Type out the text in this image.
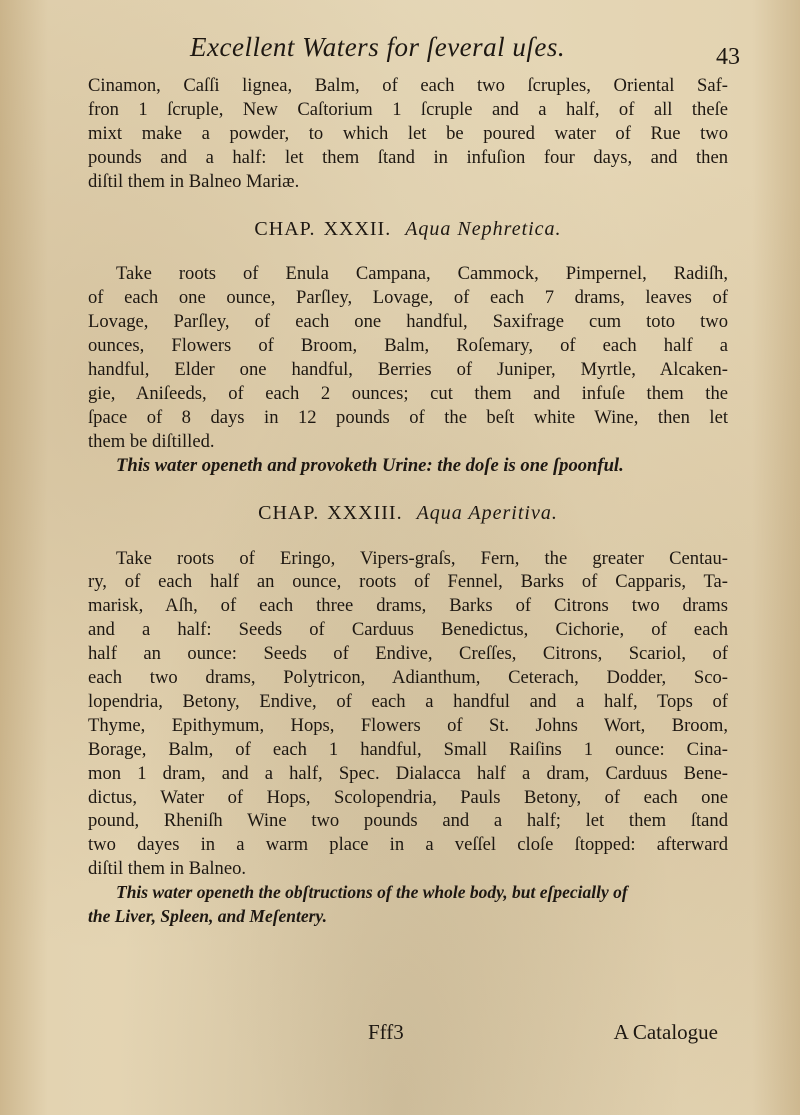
Excellent Waters for ſeveral uſes.	43
Cinamon, Caſſi lignea, Balm, of each two ſcruples, Oriental Saf-
fron 1 ſcruple, New Caſtorium 1 ſcruple and a half, of all theſe
mixt make a powder, to which let be poured water of Rue two
pounds and a half: let them ſtand in infuſion four days, and then
diſtil them in Balneo Mariæ.
CHAP. XXXII. Aqua Nephretica.
Take roots of Enula Campana, Cammock, Pimpernel, Radiſh,
of each one ounce, Parſley, Lovage, of each 7 drams, leaves of
Lovage, Parſley, of each one handful, Saxifrage cum toto two
ounces, Flowers of Broom, Balm, Roſemary, of each half a
handful, Elder one handful, Berries of Juniper, Myrtle, Alcaken-
gie, Aniſeeds, of each 2 ounces; cut them and infuſe them the
ſpace of 8 days in 12 pounds of the beſt white Wine, then let
them be diſtilled.
This water openeth and provoketh Urine: the doſe is one ſpoonful.
CHAP. XXXIII. Aqua Aperitiva.
Take roots of Eringo, Vipers-graſs, Fern, the greater Centau-
ry, of each half an ounce, roots of Fennel, Barks of Capparis, Ta-
marisk, Aſh, of each three drams, Barks of Citrons two drams
and a half: Seeds of Carduus Benedictus, Cichorie, of each
half an ounce: Seeds of Endive, Creſſes, Citrons, Scariol, of
each two drams, Polytricon, Adianthum, Ceterach, Dodder, Sco-
lopendria, Betony, Endive, of each a handful and a half, Tops of
Thyme, Epithymum, Hops, Flowers of St. Johns Wort, Broom,
Borage, Balm, of each 1 handful, Small Raiſins 1 ounce: Cina-
mon 1 dram, and a half, Spec. Dialacca half a dram, Carduus Bene-
dictus, Water of Hops, Scolopendria, Pauls Betony, of each one
pound, Rheniſh Wine two pounds and a half; let them ſtand
two dayes in a warm place in a veſſel cloſe ſtopped: afterward
diſtil them in Balneo.
This water openeth the obſtructions of the whole body, but eſpecially of
the Liver, Spleen, and Meſentery.
Fff3	A Catalogue
